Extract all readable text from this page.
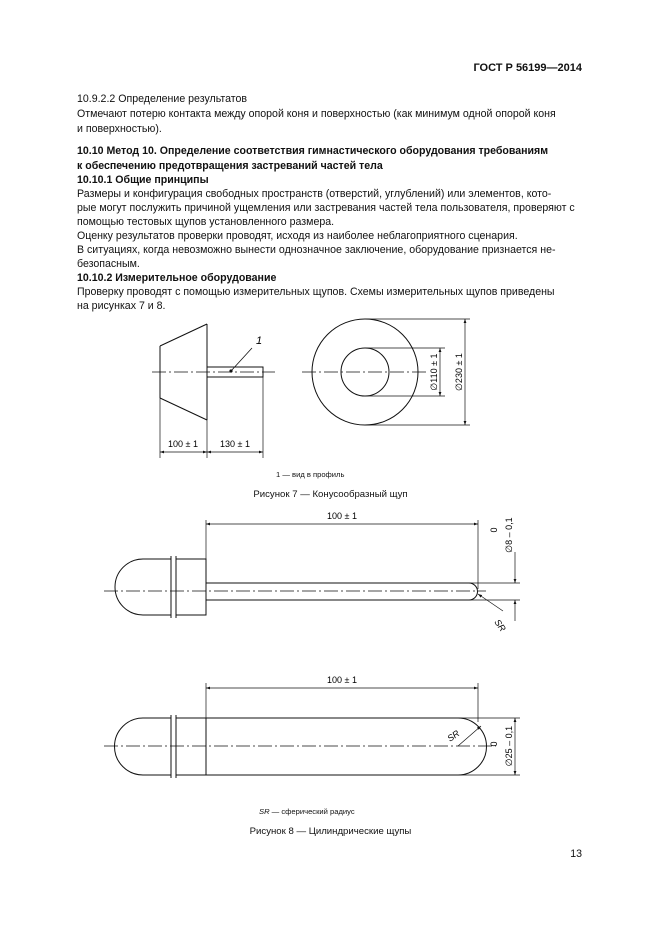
ГОСТ Р 56199—2014
10.9.2.2 Определение результатов
Отмечают потерю контакта между опорой коня и поверхностью (как минимум одной опорой коня
и поверхностью).
10.10 Метод 10. Определение соответствия гимнастического оборудования требованиям
к обеспечению предотвращения застреваний частей тела
10.10.1 Общие принципы
Размеры и конфигурация свободных пространств (отверстий, углублений) или элементов, кото-
рые могут послужить причиной ущемления или застревания частей тела пользователя, проверяют с
помощью тестовых щупов установленного размера.
Оценку результатов проверки проводят, исходя из наиболее неблагоприятного сценария.
В ситуациях, когда невозможно вынести однозначное заключение, оборудование признается не-
безопасным.
10.10.2 Измерительное оборудование
Проверку проводят с помощью измерительных щупов. Схемы измерительных щупов приведены
на рисунках 7 и 8.
1
100 ± 1 130 ± 1
∅110 ± 1 ∅230 ± 1
100 ± 1
0 ∅8 – 0,1
SR
100 ± 1
0 ∅25 – 0,1
SR
1 — вид в профиль
Рисунок 7 — Конусообразный щуп
SR — сферический радиус
Рисунок 8 — Цилиндрические щупы
13
